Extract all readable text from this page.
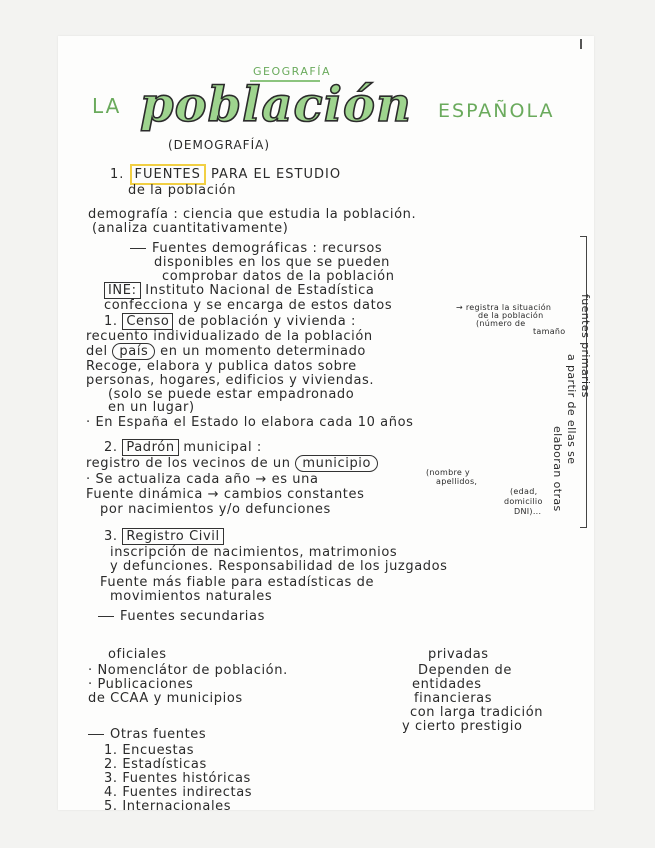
GEOGRAFÍA
LA población ESPAÑOLA
(DEMOGRAFÍA)
1. FUENTES PARA EL ESTUDIO
de la población
demografía : ciencia que estudia la población.
(analiza cuantitativamente)
Fuentes demográficas : recursos
disponibles en los que se pueden
comprobar datos de la población
INE: Instituto Nacional de Estadística
confecciona y se encarga de estos datos	→ registra la situación
de la población
(número de
tamaño
1. Censo de población y vivienda :
recuento individualizado de la población
del país en un momento determinado
Recoge, elabora y publica datos sobre
personas, hogares, edificios y viviendas.
(solo se puede estar empadronado
en un lugar)
· En España el Estado lo elabora cada 10 años
2. Padrón municipal :
registro de los vecinos de un municipio
· Se actualiza cada año → es una	(nombre y
apellidos,
Fuente dinámica → cambios constantes	(edad,
domicilio
DNI)...
por nacimientos y/o defunciones
3. Registro Civil
inscripción de nacimientos, matrimonios
y defunciones. Responsabilidad de los juzgados
Fuente más fiable para estadísticas de
movimientos naturales
fuentes primarias
a partir de ellas se
elaboran otras
Fuentes secundarias
oficiales
· Nomenclátor de población.
· Publicaciones
de CCAA y municipios
privadas
Dependen de
entidades
financieras
con larga tradición
y cierto prestigio
Otras fuentes
1. Encuestas
2. Estadísticas
3. Fuentes históricas
4. Fuentes indirectas
5. Internacionales
